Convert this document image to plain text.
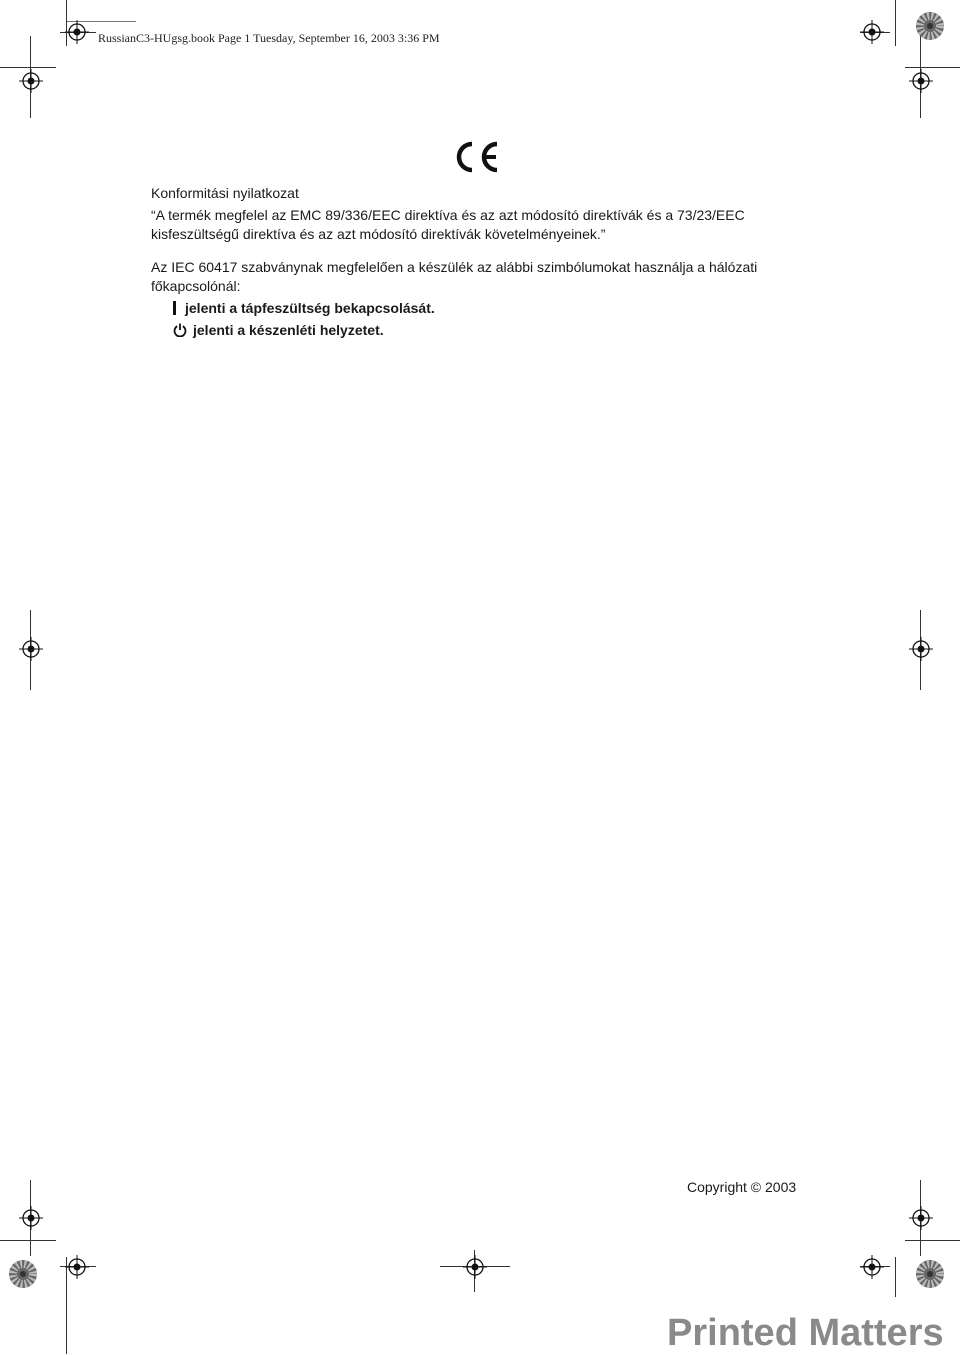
RussianC3-HUgsg.book Page 1 Tuesday, September 16, 2003 3:36 PM
Konformitási nyilatkozat
“A termék megfelel az EMC 89/336/EEC direktíva és az azt módosító direktívák és a 73/23/EEC
kisfeszültségű direktíva és az azt módosító direktívák követelményeinek.”
Az IEC 60417 szabványnak megfelelően a készülék az alábbi szimbólumokat használja a hálózati
főkapcsolónál:
jelenti a tápfeszültség bekapcsolását.
jelenti a készenléti helyzetet.
Copyright © 2003
Printed Matters
